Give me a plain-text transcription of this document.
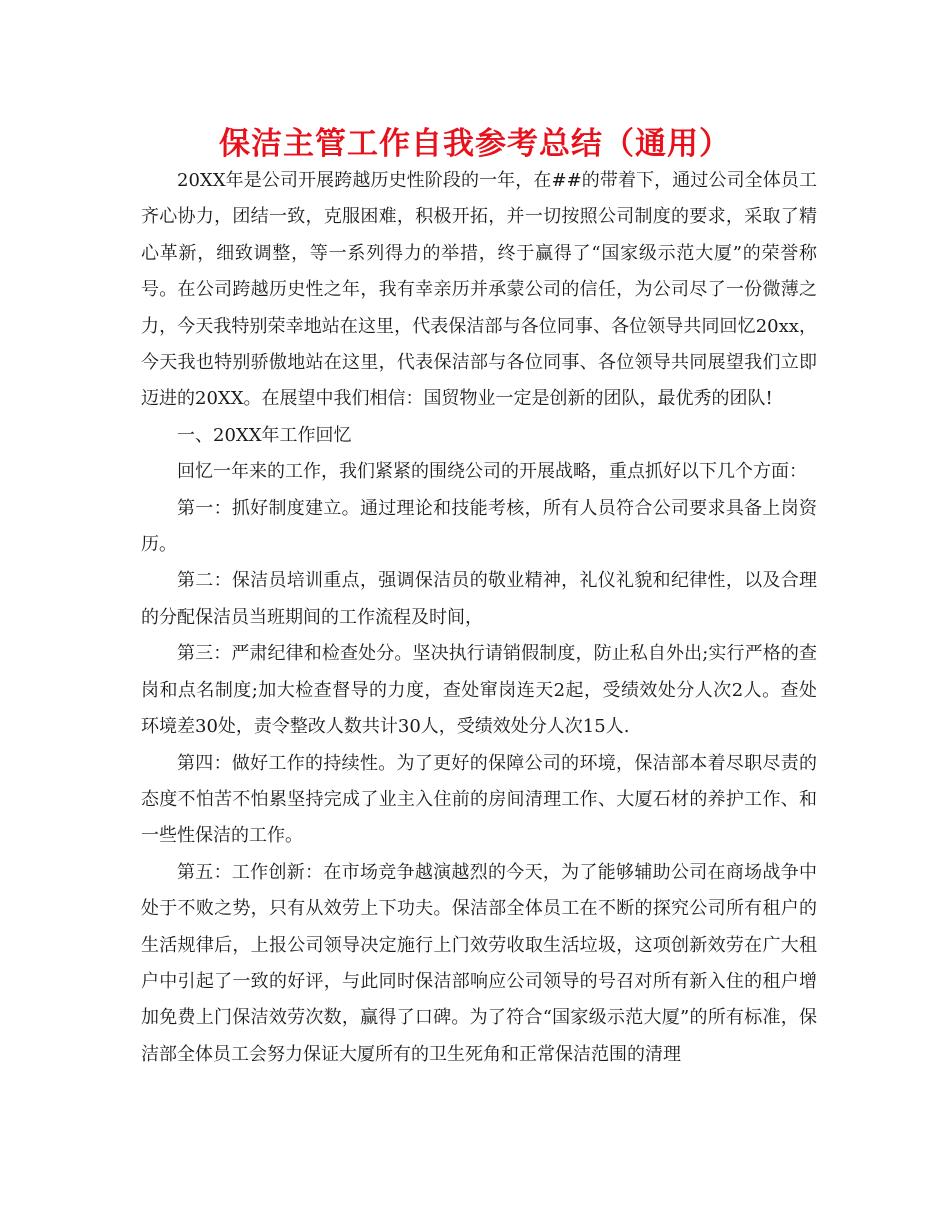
保洁主管工作自我参考总结（通用）

20XX年是公司开展跨越历史性阶段的一年，在##的带着下，通过公司全体员工齐心协力，团结一致，克服困难，积极开拓，并一切按照公司制度的要求，采取了精心革新，细致调整，等一系列得力的举措，终于赢得了“国家级示范大厦”的荣誉称号。在公司跨越历史性之年，我有幸亲历并承蒙公司的信任，为公司尽了一份微薄之力，今天我特别荣幸地站在这里，代表保洁部与各位同事、各位领导共同回忆20xx，今天我也特别骄傲地站在这里，代表保洁部与各位同事、各位领导共同展望我们立即迈进的20XX。在展望中我们相信：国贸物业一定是创新的团队，最优秀的团队!

一、20XX年工作回忆

回忆一年来的工作，我们紧紧的围绕公司的开展战略，重点抓好以下几个方面：

第一：抓好制度建立。通过理论和技能考核，所有人员符合公司要求具备上岗资历。

第二：保洁员培训重点，强调保洁员的敬业精神，礼仪礼貌和纪律性，以及合理的分配保洁员当班期间的工作流程及时间，

第三：严肃纪律和检查处分。坚决执行请销假制度，防止私自外出;实行严格的查岗和点名制度;加大检查督导的力度，查处窜岗连天2起，受绩效处分人次2人。查处环境差30处，责令整改人数共计30人，受绩效处分人次15人.

第四：做好工作的持续性。为了更好的保障公司的环境，保洁部本着尽职尽责的态度不怕苦不怕累坚持完成了业主入住前的房间清理工作、大厦石材的养护工作、和一些性保洁的工作。

第五：工作创新：在市场竞争越演越烈的今天，为了能够辅助公司在商场战争中处于不败之势，只有从效劳上下功夫。保洁部全体员工在不断的探究公司所有租户的生活规律后，上报公司领导决定施行上门效劳收取生活垃圾，这项创新效劳在广大租户中引起了一致的好评，与此同时保洁部响应公司领导的号召对所有新入住的租户增加免费上门保洁效劳次数，赢得了口碑。为了符合“国家级示范大厦”的所有标准，保洁部全体员工会努力保证大厦所有的卫生死角和正常保洁范围的清理
